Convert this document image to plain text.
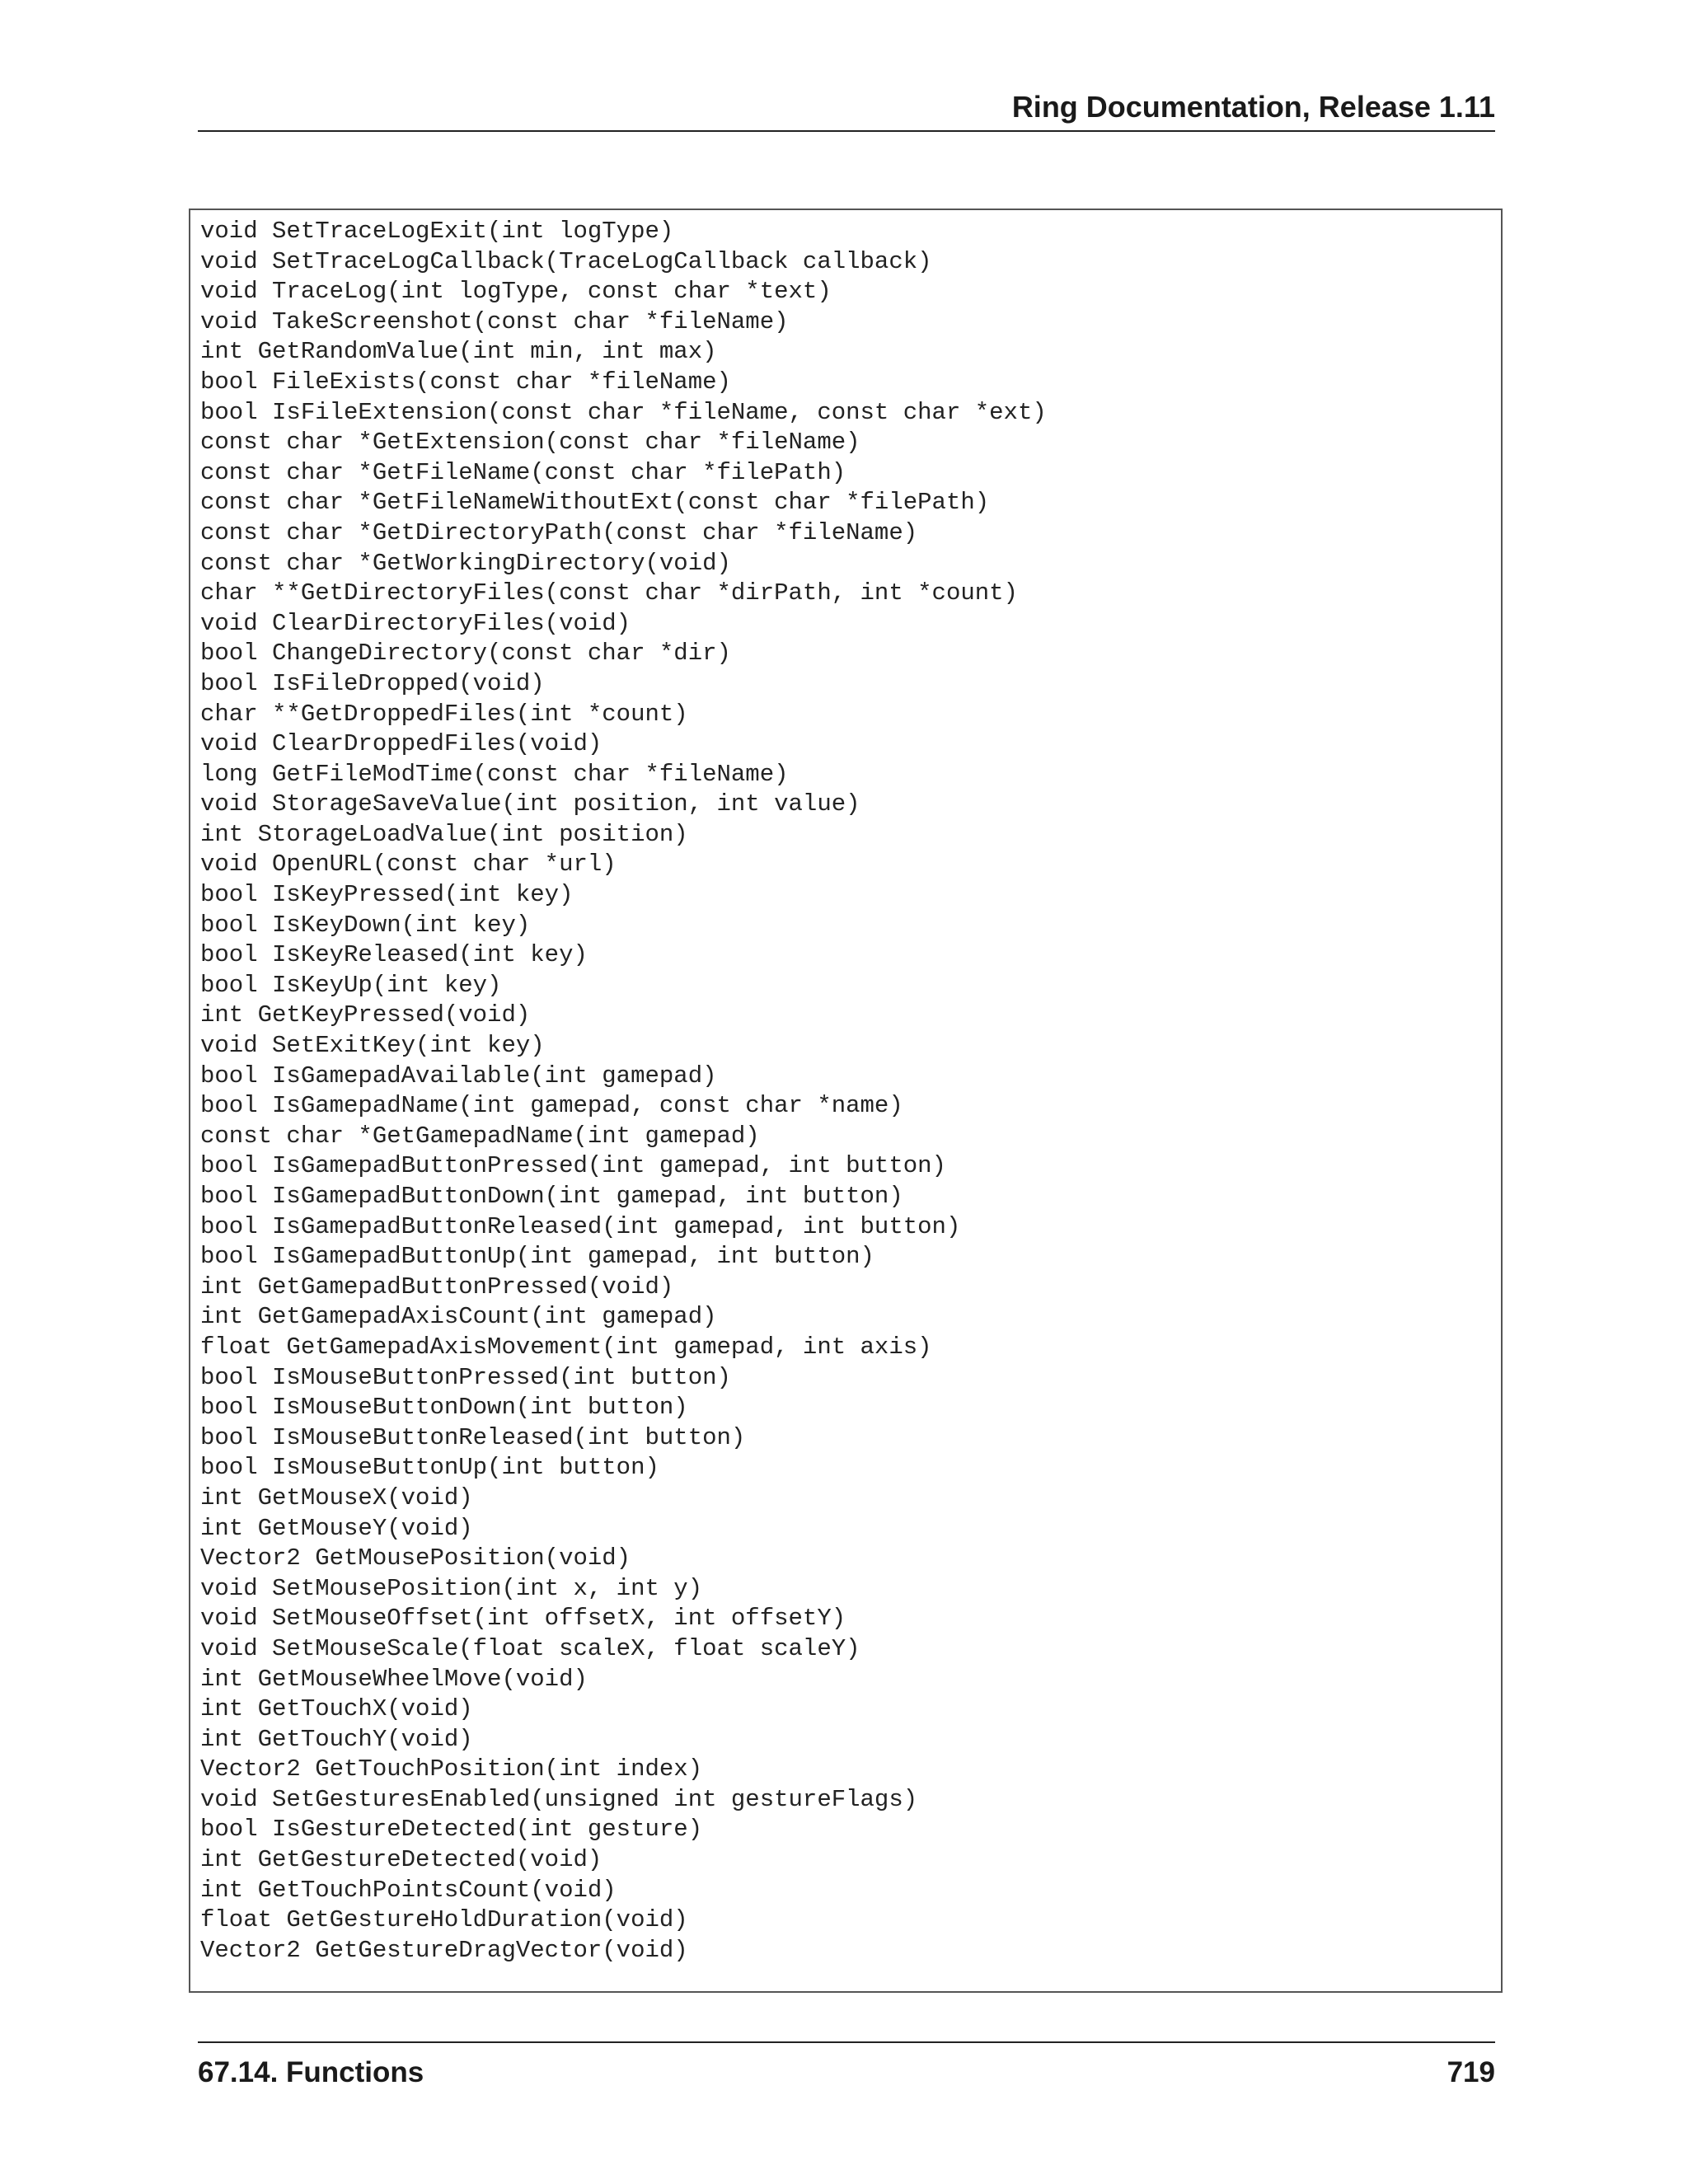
Ring Documentation, Release 1.11
void SetTraceLogExit(int logType)
void SetTraceLogCallback(TraceLogCallback callback)
void TraceLog(int logType, const char *text)
void TakeScreenshot(const char *fileName)
int GetRandomValue(int min, int max)
bool FileExists(const char *fileName)
bool IsFileExtension(const char *fileName, const char *ext)
const char *GetExtension(const char *fileName)
const char *GetFileName(const char *filePath)
const char *GetFileNameWithoutExt(const char *filePath)
const char *GetDirectoryPath(const char *fileName)
const char *GetWorkingDirectory(void)
char **GetDirectoryFiles(const char *dirPath, int *count)
void ClearDirectoryFiles(void)
bool ChangeDirectory(const char *dir)
bool IsFileDropped(void)
char **GetDroppedFiles(int *count)
void ClearDroppedFiles(void)
long GetFileModTime(const char *fileName)
void StorageSaveValue(int position, int value)
int StorageLoadValue(int position)
void OpenURL(const char *url)
bool IsKeyPressed(int key)
bool IsKeyDown(int key)
bool IsKeyReleased(int key)
bool IsKeyUp(int key)
int GetKeyPressed(void)
void SetExitKey(int key)
bool IsGamepadAvailable(int gamepad)
bool IsGamepadName(int gamepad, const char *name)
const char *GetGamepadName(int gamepad)
bool IsGamepadButtonPressed(int gamepad, int button)
bool IsGamepadButtonDown(int gamepad, int button)
bool IsGamepadButtonReleased(int gamepad, int button)
bool IsGamepadButtonUp(int gamepad, int button)
int GetGamepadButtonPressed(void)
int GetGamepadAxisCount(int gamepad)
float GetGamepadAxisMovement(int gamepad, int axis)
bool IsMouseButtonPressed(int button)
bool IsMouseButtonDown(int button)
bool IsMouseButtonReleased(int button)
bool IsMouseButtonUp(int button)
int GetMouseX(void)
int GetMouseY(void)
Vector2 GetMousePosition(void)
void SetMousePosition(int x, int y)
void SetMouseOffset(int offsetX, int offsetY)
void SetMouseScale(float scaleX, float scaleY)
int GetMouseWheelMove(void)
int GetTouchX(void)
int GetTouchY(void)
Vector2 GetTouchPosition(int index)
void SetGesturesEnabled(unsigned int gestureFlags)
bool IsGestureDetected(int gesture)
int GetGestureDetected(void)
int GetTouchPointsCount(void)
float GetGestureHoldDuration(void)
Vector2 GetGestureDragVector(void)
67.14. Functions	719
